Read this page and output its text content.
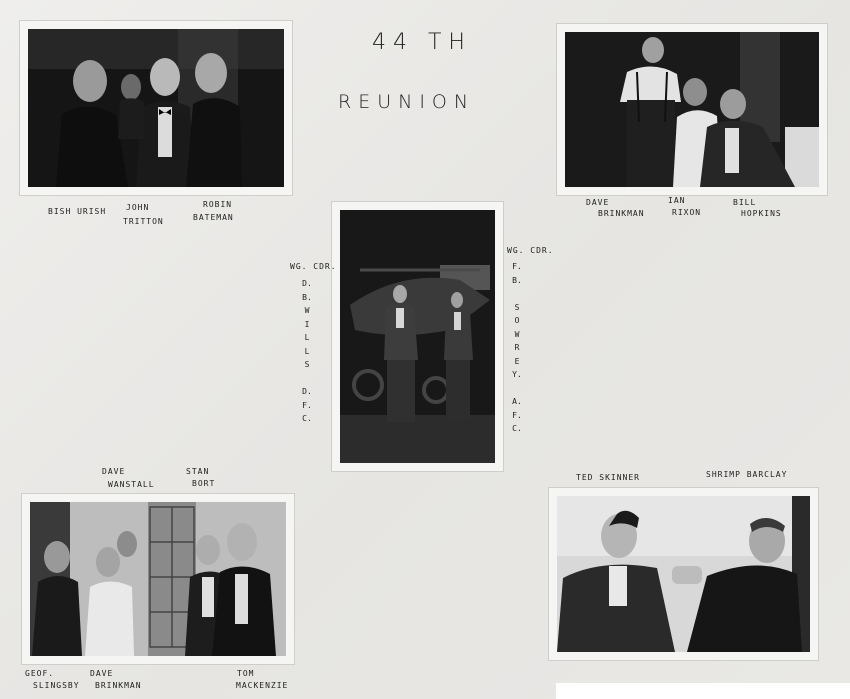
44 TH
REUNION
BISH URISH JOHN
TRITTON
ROBIN
BATEMAN
DAVE
BRINKMAN
IAN
RIXON
BILL
HOPKINS
WG. CDR.
D.
B.
W
I
L
L
S

D.
F.
C.
WG. CDR.
F.
B.

S
O
W
R
E
Y.

A.
F.
C.
DAVE
WANSTALL
STAN
BORT
GEOF.
SLINGSBY
DAVE
BRINKMAN
TOM
MACKENZIE
TED SKINNER	SHRIMP BARCLAY
